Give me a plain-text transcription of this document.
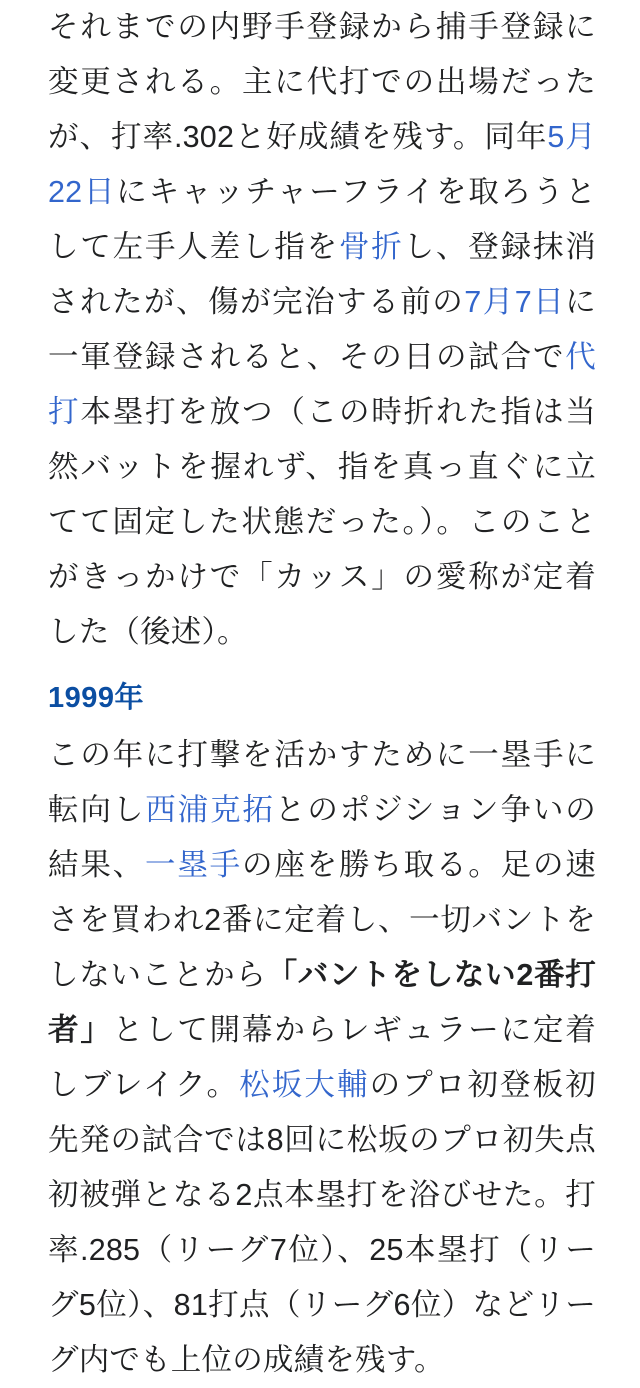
それまでの内野手登録から捕手登録に変更される。主に代打での出場だったが、打率.302と好成績を残す。同年5月22日にキャッチャーフライを取ろうとして左手人差し指を骨折し、登録抹消されたが、傷が完治する前の7月7日に一軍登録されると、その日の試合で代打本塁打を放つ（この時折れた指は当然バットを握れず、指を真っ直ぐに立てて固定した状態だった。）。このことがきっかけで「カッス」の愛称が定着した（後述）。

1999年

この年に打撃を活かすために一塁手に転向し西浦克拓とのポジション争いの結果、一塁手の座を勝ち取る。足の速さを買われ2番に定着し、一切バントをしないことから「バントをしない2番打者」として開幕からレギュラーに定着しブレイク。松坂大輔のプロ初登板初先発の試合では8回に松坂のプロ初失点初被弾となる2点本塁打を浴びせた。打率.285（リーグ7位）、25本塁打（リーグ5位）、81打点（リーグ6位）などリーグ内でも上位の成績を残す。
